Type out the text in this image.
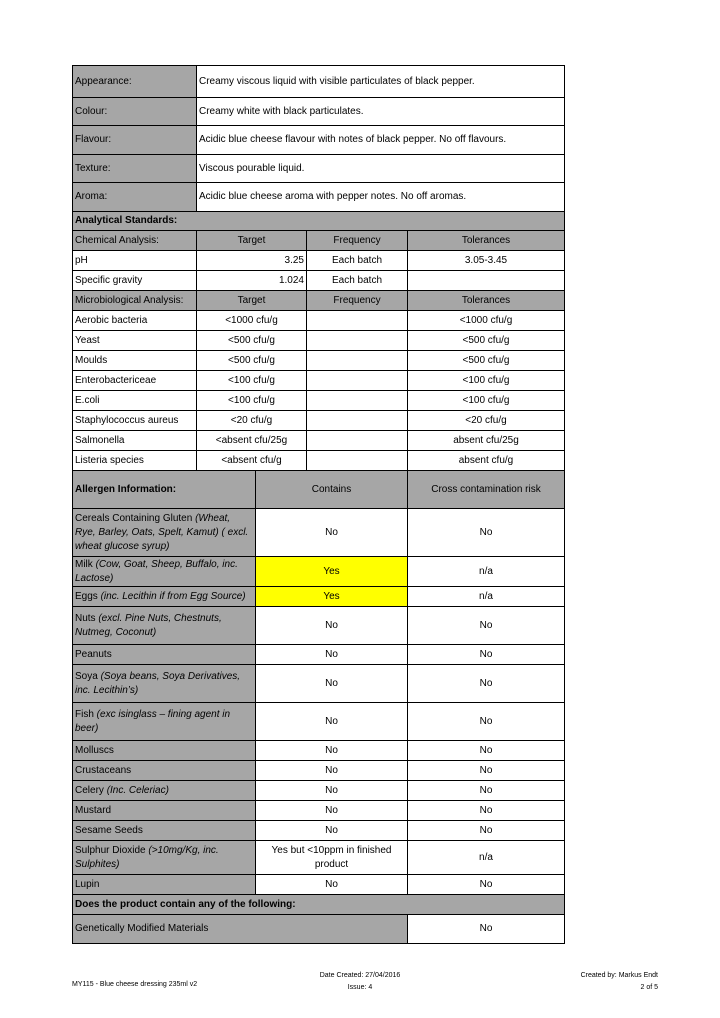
Appearance:	Creamy viscous liquid with visible particulates of black pepper.			
Colour:	Creamy white with black particulates.			
Flavour:	Acidic blue cheese flavour with notes of black pepper. No off flavours.			
Texture:	Viscous pourable liquid.			
Aroma:	Acidic blue cheese aroma with pepper notes. No off aromas.			
Analytical Standards:				
Chemical Analysis:	Target		Frequency	Tolerances
pH	3.25		Each batch	3.05-3.45
Specific gravity	1.024		Each batch	
Microbiological Analysis:	Target		Frequency	Tolerances
Aerobic bacteria	<1000 cfu/g			<1000 cfu/g
Yeast	<500 cfu/g			<500 cfu/g
Moulds	<500 cfu/g			<500 cfu/g
Enterobactericeae	<100 cfu/g			<100 cfu/g
E.coli	<100 cfu/g			<100 cfu/g
Staphylococcus aureus	<20 cfu/g			<20 cfu/g
Salmonella	<absent cfu/25g			absent cfu/25g
Listeria species	<absent cfu/g			absent cfu/g
Allergen Information:		Contains		Cross contamination risk
Cereals Containing Gluten (Wheat, Rye, Barley, Oats, Spelt, Kamut) ( excl. wheat glucose syrup)		No		No
Milk (Cow, Goat, Sheep, Buffalo, inc. Lactose)		Yes		n/a
Eggs (inc. Lecithin if from Egg Source)		Yes		n/a
Nuts (excl. Pine Nuts, Chestnuts, Nutmeg, Coconut)		No		No
Peanuts		No		No
Soya (Soya beans, Soya Derivatives, inc. Lecithin’s)		No		No
Fish (exc isinglass – fining agent in beer)		No		No
Molluscs		No		No
Crustaceans		No		No
Celery (Inc. Celeriac)		No		No
Mustard		No		No
Sesame Seeds		No		No
Sulphur Dioxide (>10mg/Kg, inc. Sulphites)		Yes but <10ppm in finished product		n/a
Lupin		No		No
Does the product contain any of the following:				
Genetically Modified Materials				No
MY115 - Blue cheese dressing 235ml v2
Date Created: 27/04/2016
Issue: 4
Created by: Markus Endt
2 of 5
